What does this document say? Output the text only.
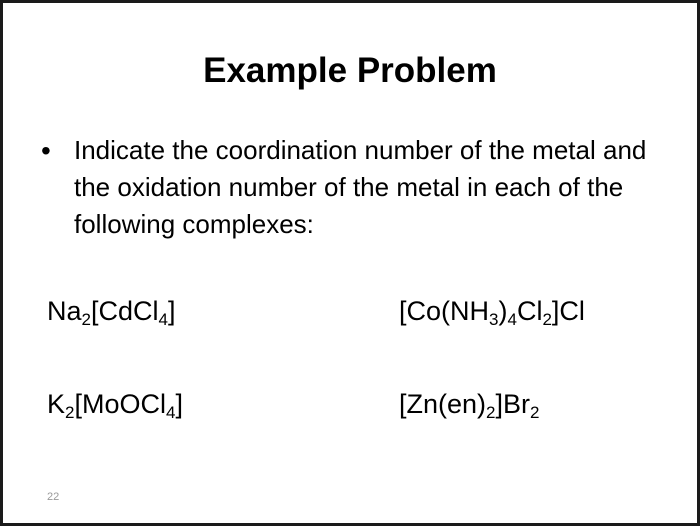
Example Problem
• Indicate the coordination number of the metal and the oxidation number of the metal in each of the following complexes:
$Na_2[CdCl_4]$	$[Co(NH_3)_4Cl_2]Cl$
$K_2[MoOCl_4]$	$[Zn(en)_2]Br_2$
22
